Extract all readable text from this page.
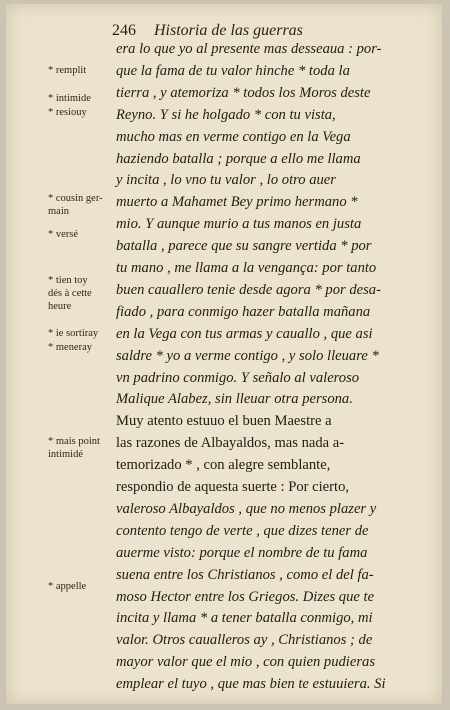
246 Historia de las guerras
era lo que yo al presente mas desseaua : por-
que la fama de tu valor hinche * toda la
tierra , y atemoriza * todos los Moros deste
Reyno. Y si he holgado * con tu vista,
mucho mas en verme contigo en la Vega
haziendo batalla ; porque a ello me llama
y incita , lo vno tu valor , lo otro auer
muerto a Mahamet Bey primo hermano *
mio. Y aunque murio a tus manos en justa
batalla , parece que su sangre vertida * por
tu mano , me llama a la vengança: por tanto
buen cauallero tenie desde agora * por desa-
fiado , para conmigo hazer batalla mañana
en la Vega con tus armas y cauallo , que asi
saldre * yo a verme contigo , y solo lleuare *
vn padrino conmigo. Y señalo al valeroso
Malique Alabez, sin lleuar otra persona.
Muy atento estuuo el buen Maestre a
las razones de Albayaldos, mas nada a-
temorizado * , con alegre semblante,
respondio de aquesta suerte : Por cierto,
valeroso Albayaldos , que no menos plazer y
contento tengo de verte , que dizes tener de
auerme visto: porque el nombre de tu fama
suena entre los Christianos , como el del fa-
moso Hector entre los Griegos. Dizes que te
incita y llama * a tener batalla conmigo, mi
valor. Otros caualleros ay , Christianos ; de
mayor valor que el mio , con quien pudieras
emplear el tuyo , que mas bien te estuuiera. Si
* remplit
* intimide
* resiouy
* cousin ger-
main
* versé
* tien toy
dés à cette
heure
* ie sortiray
* meneray
* mais point
intimidé
* appelle
